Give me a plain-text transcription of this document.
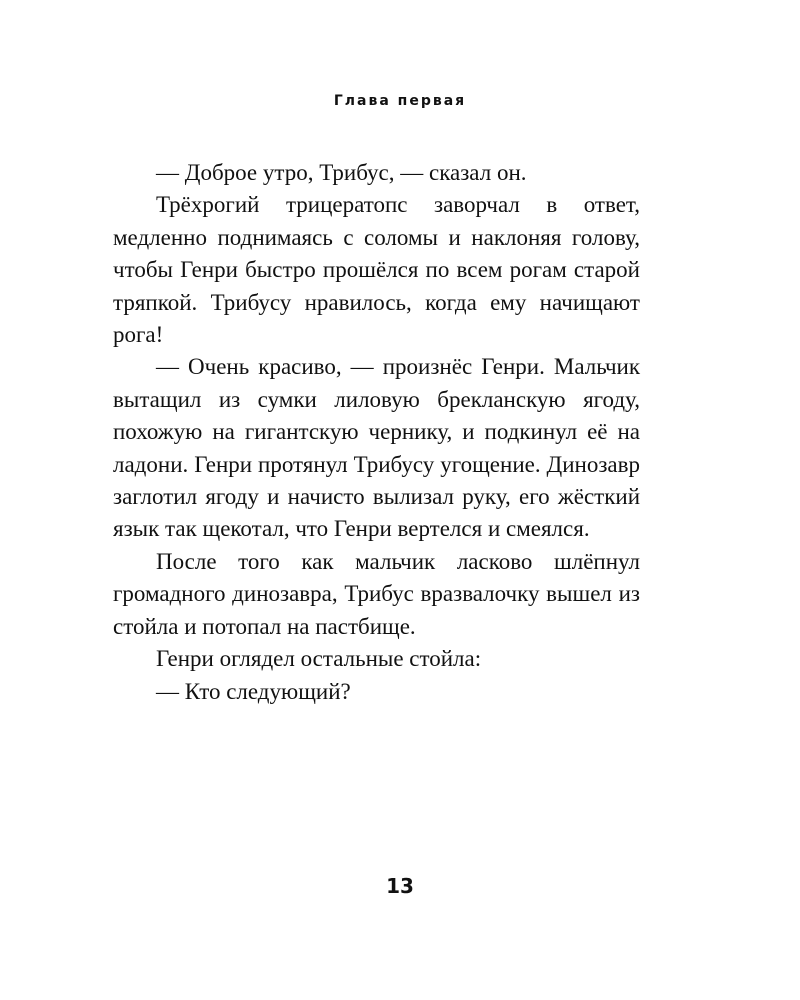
Глава первая

— Доброе утро, Трибус, — сказал он.

Трёхрогий трицератопс заворчал в ответ, медленно поднимаясь с соломы и наклоняя голову, чтобы Генри быстро прошёлся по всем рогам старой тряпкой. Трибусу нравилось, когда ему начищают рога!

— Очень красиво, — произнёс Генри. Мальчик вытащил из сумки лиловую брекланскую ягоду, похожую на гигантскую чернику, и подкинул её на ладони. Генри протянул Трибусу угощение. Динозавр заглотил ягоду и начисто вылизал руку, его жёсткий язык так щекотал, что Генри вертелся и смеялся.

После того как мальчик ласково шлёпнул громадного динозавра, Трибус вразвалочку вышел из стойла и потопал на пастбище.

Генри оглядел остальные стойла:

— Кто следующий?

13
